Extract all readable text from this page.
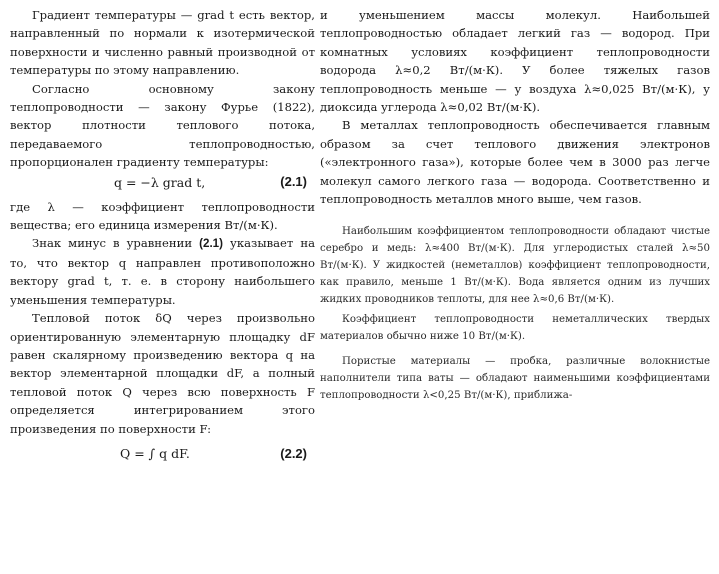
Градиент температуры — grad t есть вектор, направленный по нормали к изотермической поверхности и численно равный производной от температуры по этому направлению.

Согласно основному закону теплопроводности — закону Фурье (1822), вектор плотности теплового потока, передаваемого теплопроводностью, пропорционален градиенту температуры:

q = −λ grad t,	(2.1)

где λ — коэффициент теплопроводности вещества; его единица измерения Вт/(м·К).

Знак минус в уравнении (2.1) указывает на то, что вектор q направлен противоположно вектору grad t, т. е. в сторону наибольшего уменьшения температуры.

Тепловой поток δQ через произвольно ориентированную элементарную площадку dF равен скалярному произведению вектора q на вектор элементарной площадки dF, а полный тепловой поток Q через всю поверхность F определяется интегрированием этого произведения по поверхности F:

Q = ∫ q dF.	(2.2)

и уменьшением массы молекул. Наибольшей теплопроводностью обладает легкий газ — водород. При комнатных условиях коэффициент теплопроводности водорода λ≈0,2 Вт/(м·К). У более тяжелых газов теплопроводность меньше — у воздуха λ≈0,025 Вт/(м·К), у диоксида углерода λ≈0,02 Вт/(м·К).

В металлах теплопроводность обеспечивается главным образом за счет теплового движения электронов («электронного газа»), которые более чем в 3000 раз легче молекул самого легкого газа — водорода. Соответственно и теплопроводность металлов много выше, чем газов.

Наибольшим коэффициентом теплопроводности обладают чистые серебро и медь: λ≈400 Вт/(м·К). Для углеродистых сталей λ≈50 Вт/(м·К). У жидкостей (неметаллов) коэффициент теплопроводности, как правило, меньше 1 Вт/(м·К). Вода является одним из лучших жидких проводников теплоты, для нее λ≈0,6 Вт/(м·К).

Коэффициент теплопроводности неметаллических твердых материалов обычно ниже 10 Вт/(м·К).

Пористые материалы — пробка, различные волокнистые наполнители типа ваты — обладают наименьшими коэффициентами теплопроводности λ<0,25 Вт/(м·К), приближа-
